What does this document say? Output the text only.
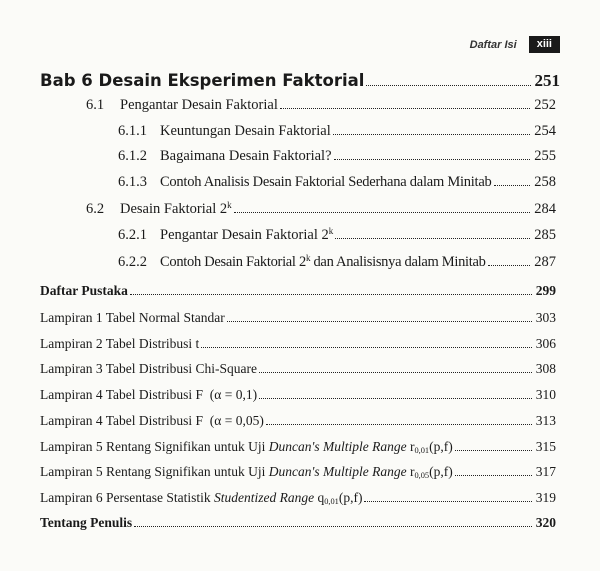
Daftar Isi	xiii
Bab 6 Desain Eksperimen Faktorial	251
6.1	Pengantar Desain Faktorial	252
6.1.1 Keuntungan Desain Faktorial	254
6.1.2 Bagaimana Desain Faktorial?	255
6.1.3 Contoh Analisis Desain Faktorial Sederhana dalam Minitab	258
6.2	Desain Faktorial 2$^k$	284
6.2.1 Pengantar Desain Faktorial 2$^k$	285
6.2.2 Contoh Desain Faktorial 2$^k$ dan Analisisnya dalam Minitab	287
Daftar Pustaka	299
Lampiran 1 Tabel Normal Standar	303
Lampiran 2 Tabel Distribusi t	306
Lampiran 3 Tabel Distribusi Chi-Square	308
Lampiran 4 Tabel Distribusi F  (α = 0,1)	310
Lampiran 4 Tabel Distribusi F  (α = 0,05)	313
Lampiran 5 Rentang Signifikan untuk Uji Duncan's Multiple Range $r_{0,01}(p,f)$	315
Lampiran 5 Rentang Signifikan untuk Uji Duncan's Multiple Range $r_{0,05}(p,f)$	317
Lampiran 6 Persentase Statistik Studentized Range $q_{0,01}(p,f)$	319
Tentang Penulis	320
